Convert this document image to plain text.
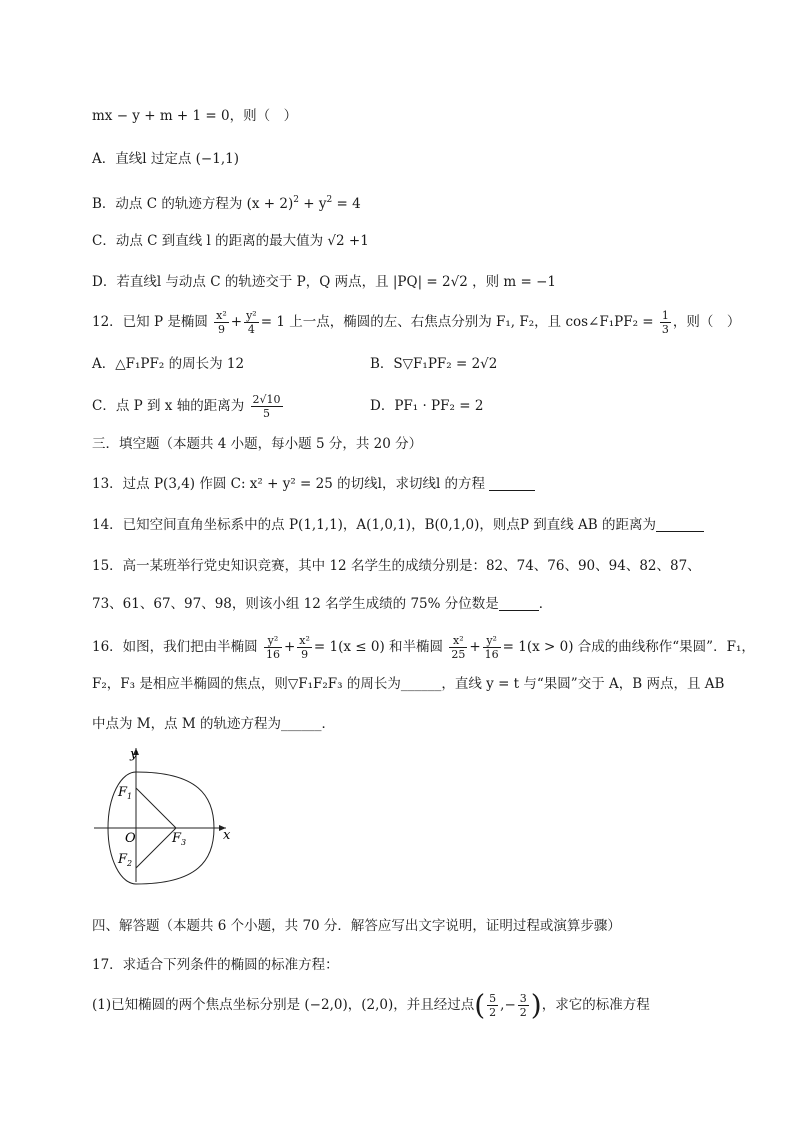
mx − y + m + 1 = 0，则（　）
A．直线l 过定点 (−1,1)
B．动点 C 的轨迹方程为 $(x + 2)^2 + y^2 = 4$
C．动点 C 到直线 l 的距离的最大值为 √2 +1
D．若直线l 与动点 C 的轨迹交于 P，Q 两点，且 |PQ| = 2√2 ，则 m = −1
12．已知 P 是椭圆 $\frac{\text{x²}}{9} + \frac{\text{y²}}{4} = 1$ 上一点，椭圆的左、右焦点分别为 F₁, F₂，且 cos∠F₁PF₂ = $\frac{1}{3}$ ，则（　）
A．△F₁PF₂ 的周长为 12	B．S▽F₁PF₂ = 2√2
C．点 P 到 x 轴的距离为 $\frac{2√10}{5}$	D．PF₁ · PF₂ = 2
三．填空题（本题共 4 小题，每小题 5 分，共 20 分）
13．过点 P(3,4) 作圆 C: x² + y² = 25 的切线l，求切线l 的方程
14．已知空间直角坐标系中的点 P(1,1,1)，A(1,0,1)，B(0,1,0)，则点P 到直线 AB 的距离为
15．高一某班举行党史知识竞赛，其中 12 名学生的成绩分别是：82、74、76、90、94、82、87、
73、61、67、97、98，则该小组 12 名学生成绩的 75% 分位数是	．
16．如图，我们把由半椭圆 $\frac{\text{y²}}{16} + \frac{\text{x²}}{9} = 1(x \le 0)$ 和半椭圆 $\frac{\text{x²}}{25} + \frac{\text{y²}}{16} = 1(x > 0)$ 合成的曲线称作“果圆”．F₁，
F₂，F₃ 是相应半椭圆的焦点，则▽F₁F₂F₃ 的周长为______，直线 y = t 与“果圆”交于 A，B 两点，且 AB
中点为 M，点 M 的轨迹方程为______．
y
x
O
$F_1$
$F_2$
$F_3$
四、解答题（本题共 6 个小题，共 70 分．解答应写出文字说明，证明过程或演算步骤）
17．求适合下列条件的椭圆的标准方程：
(1)已知椭圆的两个焦点坐标分别是 (−2,0)，(2,0)，并且经过点( $\frac{5}{2}$ ,− $\frac{3}{2}$ )，求它的标准方程
